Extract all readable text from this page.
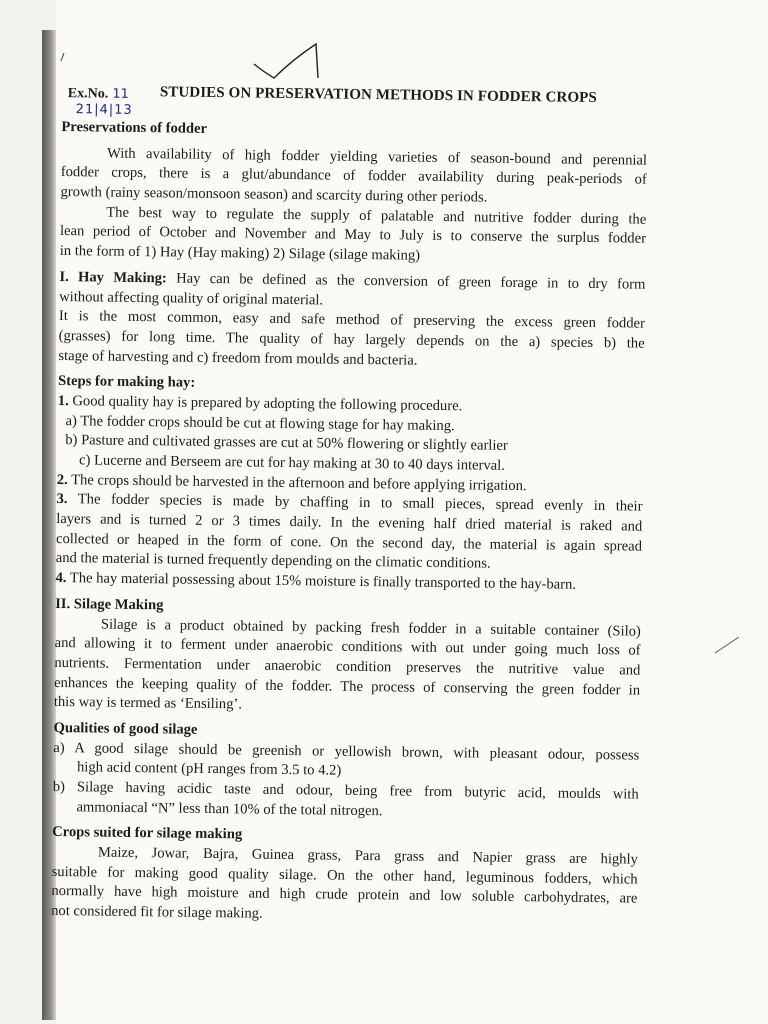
Ex.No. 11 STUDIES ON PRESERVATION METHODS IN FODDER CROPS
21|4|13
Preservations of fodder
With availability of high fodder yielding varieties of season-bound and perennial
fodder crops, there is a glut/abundance of fodder availability during peak-periods of
growth (rainy season/monsoon season) and scarcity during other periods.
The best way to regulate the supply of palatable and nutritive fodder during the
lean period of October and November and May to July is to conserve the surplus fodder
in the form of 1) Hay (Hay making) 2) Silage (silage making)
I. Hay Making: Hay can be defined as the conversion of green forage in to dry form
without affecting quality of original material.
It is the most common, easy and safe method of preserving the excess green fodder
(grasses) for long time. The quality of hay largely depends on the a) species b) the
stage of harvesting and c) freedom from moulds and bacteria.
Steps for making hay:
1. Good quality hay is prepared by adopting the following procedure.
a) The fodder crops should be cut at flowing stage for hay making.
b) Pasture and cultivated grasses are cut at 50% flowering or slightly earlier
c) Lucerne and Berseem are cut for hay making at 30 to 40 days interval.
2. The crops should be harvested in the afternoon and before applying irrigation.
3. The fodder species is made by chaffing in to small pieces, spread evenly in their
layers and is turned 2 or 3 times daily. In the evening half dried material is raked and
collected or heaped in the form of cone. On the second day, the material is again spread
and the material is turned frequently depending on the climatic conditions.
4. The hay material possessing about 15% moisture is finally transported to the hay-barn.
II. Silage Making
Silage is a product obtained by packing fresh fodder in a suitable container (Silo)
and allowing it to ferment under anaerobic conditions with out under going much loss of
nutrients. Fermentation under anaerobic condition preserves the nutritive value and
enhances the keeping quality of the fodder. The process of conserving the green fodder in
this way is termed as ‘Ensiling’.
Qualities of good silage
a) A good silage should be greenish or yellowish brown, with pleasant odour, possess
high acid content (pH ranges from 3.5 to 4.2)
b) Silage having acidic taste and odour, being free from butyric acid, moulds with
ammoniacal “N” less than 10% of the total nitrogen.
Crops suited for silage making
Maize, Jowar, Bajra, Guinea grass, Para grass and Napier grass are highly
suitable for making good quality silage. On the other hand, leguminous fodders, which
normally have high moisture and high crude protein and low soluble carbohydrates, are
not considered fit for silage making.
